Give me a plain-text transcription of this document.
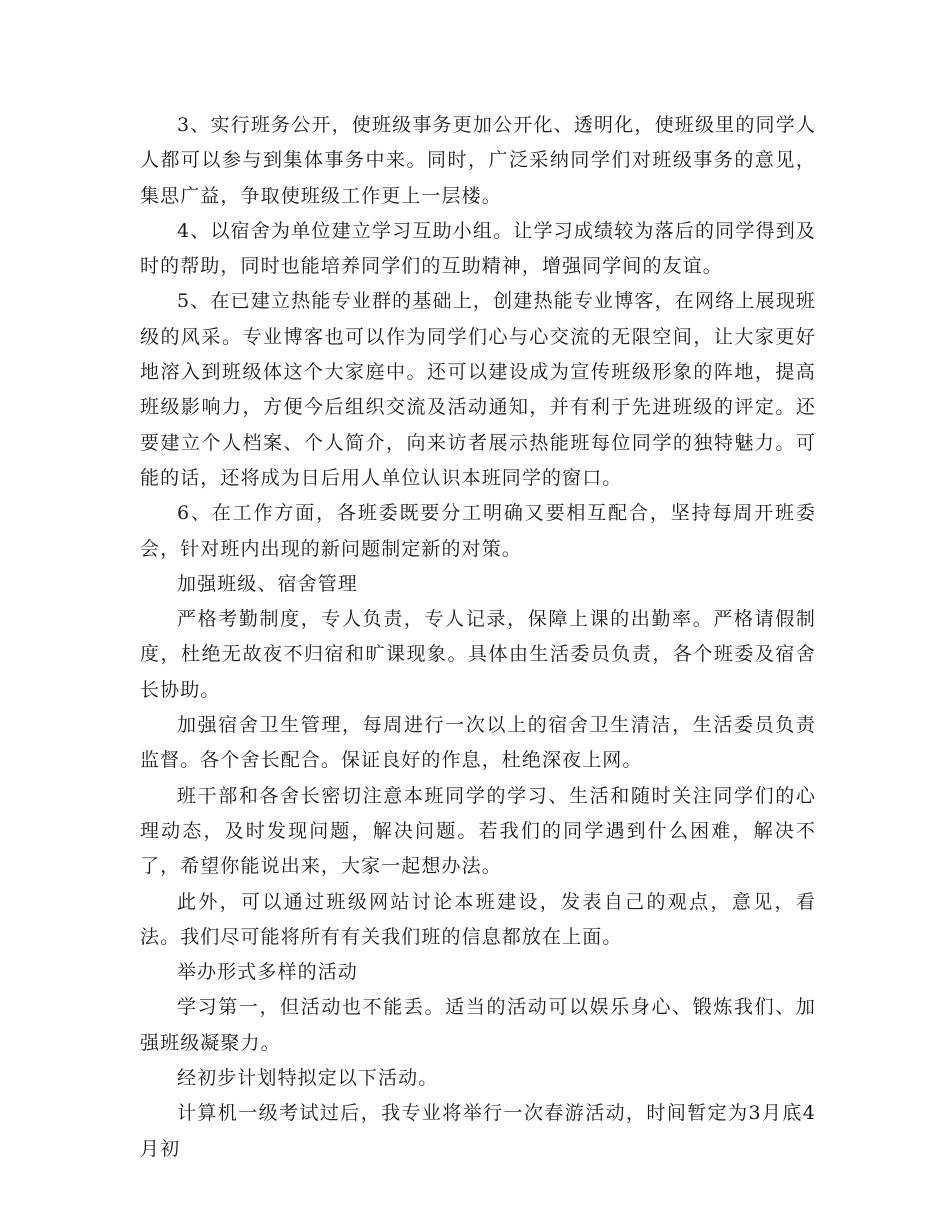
3、实行班务公开，使班级事务更加公开化、透明化，使班级里的同学人人都可以参与到集体事务中来。同时，广泛采纳同学们对班级事务的意见，集思广益，争取使班级工作更上一层楼。

4、以宿舍为单位建立学习互助小组。让学习成绩较为落后的同学得到及时的帮助，同时也能培养同学们的互助精神，增强同学间的友谊。

5、在已建立热能专业群的基础上，创建热能专业博客，在网络上展现班级的风采。专业博客也可以作为同学们心与心交流的无限空间，让大家更好地溶入到班级体这个大家庭中。还可以建设成为宣传班级形象的阵地，提高班级影响力，方便今后组织交流及活动通知，并有利于先进班级的评定。还要建立个人档案、个人简介，向来访者展示热能班每位同学的独特魅力。可能的话，还将成为日后用人单位认识本班同学的窗口。

6、在工作方面，各班委既要分工明确又要相互配合，坚持每周开班委会，针对班内出现的新问题制定新的对策。

加强班级、宿舍管理

严格考勤制度，专人负责，专人记录，保障上课的出勤率。严格请假制度，杜绝无故夜不归宿和旷课现象。具体由生活委员负责，各个班委及宿舍长协助。

加强宿舍卫生管理，每周进行一次以上的宿舍卫生清洁，生活委员负责监督。各个舍长配合。保证良好的作息，杜绝深夜上网。

班干部和各舍长密切注意本班同学的学习、生活和随时关注同学们的心理动态，及时发现问题，解决问题。若我们的同学遇到什么困难，解决不了，希望你能说出来，大家一起想办法。

此外，可以通过班级网站讨论本班建设，发表自己的观点，意见，看法。我们尽可能将所有有关我们班的信息都放在上面。

举办形式多样的活动

学习第一，但活动也不能丢。适当的活动可以娱乐身心、锻炼我们、加强班级凝聚力。

经初步计划特拟定以下活动。

计算机一级考试过后，我专业将举行一次春游活动，时间暂定为3月底4月初
